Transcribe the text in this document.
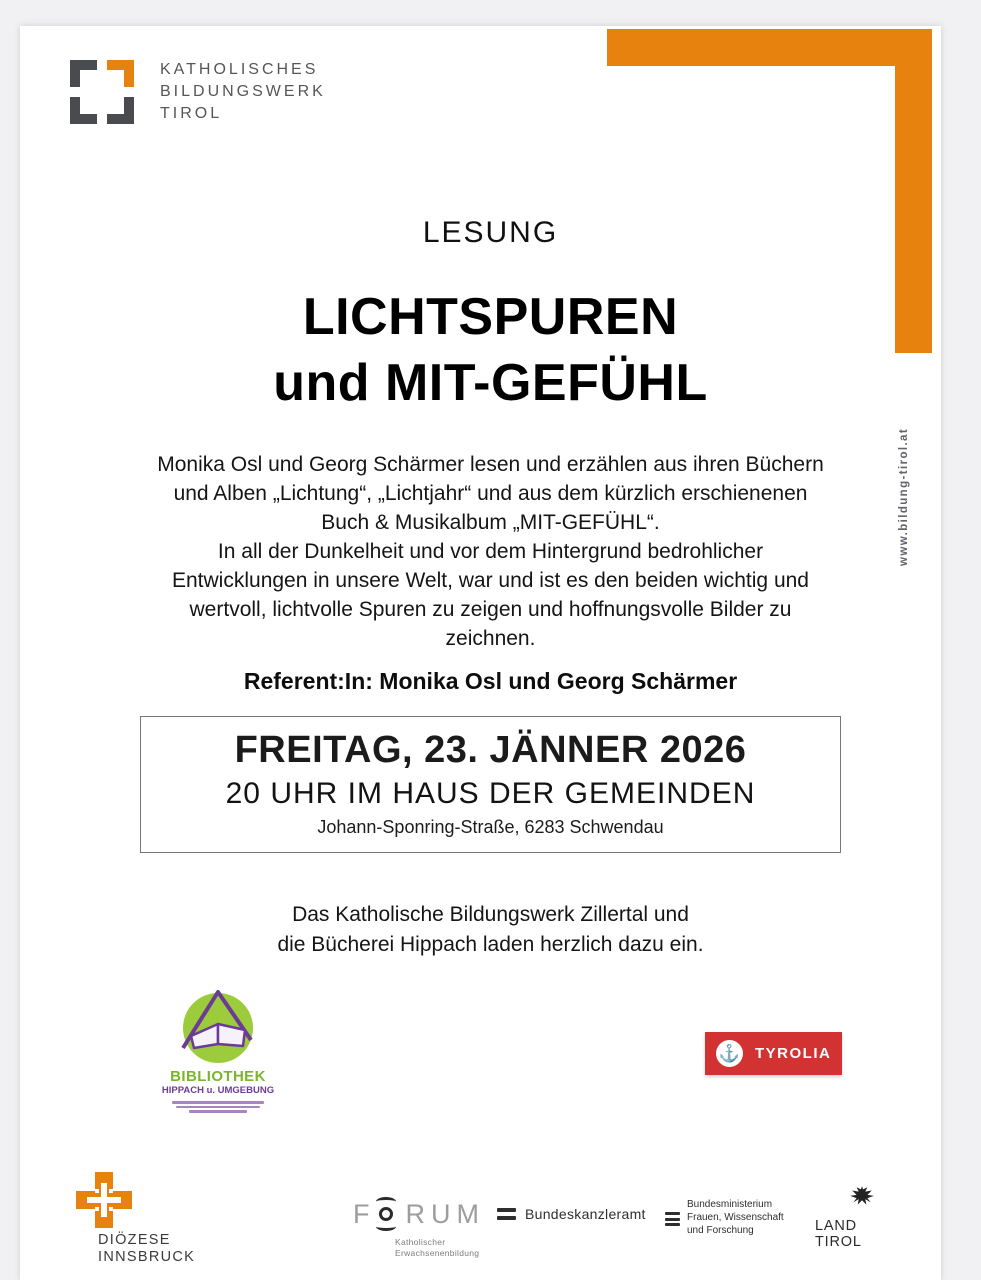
KATHOLISCHES
BILDUNGSWERK
TIROL
www.bildung-tirol.at
LESUNG
LICHTSPUREN
und MIT-GEFÜHL
Monika Osl und Georg Schärmer lesen und erzählen aus ihren Büchern
und Alben „Lichtung“, „Lichtjahr“ und aus dem kürzlich erschienenen
Buch & Musikalbum „MIT-GEFÜHL“.
In all der Dunkelheit und vor dem Hintergrund bedrohlicher
Entwicklungen in unsere Welt, war und ist es den beiden wichtig und
wertvoll, lichtvolle Spuren zu zeigen und hoffnungsvolle Bilder zu
zeichnen.
Referent:In: Monika Osl und Georg Schärmer
FREITAG, 23. JÄNNER 2026
20 UHR IM HAUS DER GEMEINDEN
Johann-Sponring-Straße, 6283 Schwendau
Das Katholische Bildungswerk Zillertal und
die Bücherei Hippach laden herzlich dazu ein.
BIBLIOTHEK
HIPPACH u. UMGEBUNG
⚓ TYROLIA
DIÖZESE
INNSBRUCK
F RUM
Katholischer
Erwachsenenbildung
Bundeskanzleramt
Bundesministerium
Frauen, Wissenschaft
und Forschung	LAND
TIROL
